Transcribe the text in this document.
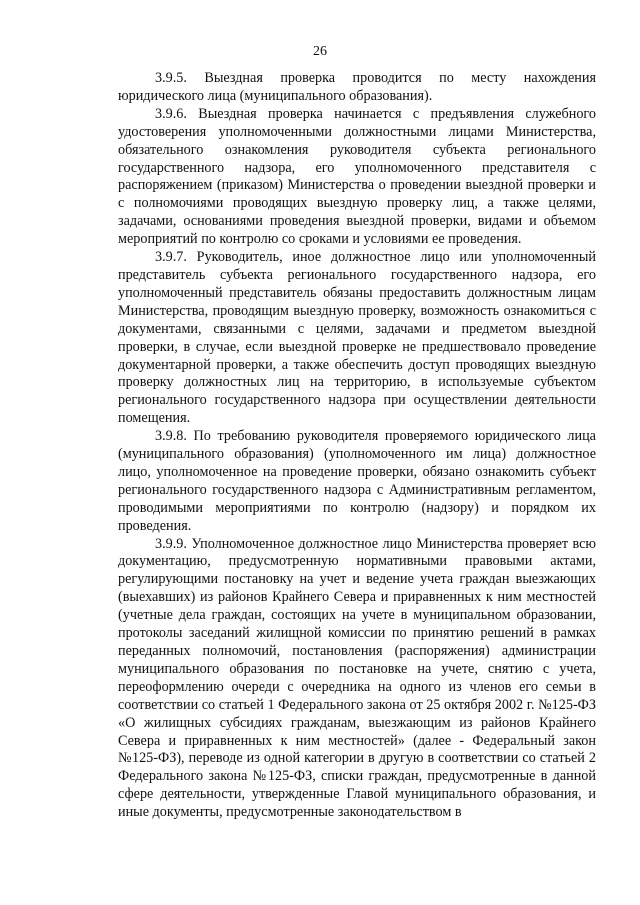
26

3.9.5. Выездная проверка проводится по месту нахождения юридического лица (муниципального образования).

3.9.6. Выездная проверка начинается с предъявления служебного удостоверения уполномоченными должностными лицами Министерства, обязательного ознакомления руководителя субъекта регионального государственного надзора, его уполномоченного представителя с распоряжением (приказом) Министерства о проведении выездной проверки и с полномочиями проводящих выездную проверку лиц, а также целями, задачами, основаниями проведения выездной проверки, видами и объемом мероприятий по контролю со сроками и условиями ее проведения.

3.9.7. Руководитель, иное должностное лицо или уполномоченный представитель субъекта регионального государственного надзора, его уполномоченный представитель обязаны предоставить должностным лицам Министерства, проводящим выездную проверку, возможность ознакомиться с документами, связанными с целями, задачами и предметом выездной проверки, в случае, если выездной проверке не предшествовало проведение документарной проверки, а также обеспечить доступ проводящих выездную проверку должностных лиц на территорию, в используемые субъектом регионального государственного надзора при осуществлении деятельности помещения.

3.9.8. По требованию руководителя проверяемого юридического лица (муниципального образования) (уполномоченного им лица) должностное лицо, уполномоченное на проведение проверки, обязано ознакомить субъект регионального государственного надзора с Административным регламентом, проводимыми мероприятиями по контролю (надзору) и порядком их проведения.

3.9.9. Уполномоченное должностное лицо Министерства проверяет всю документацию, предусмотренную нормативными правовыми актами, регулирующими постановку на учет и ведение учета граждан выезжающих (выехавших) из районов Крайнего Севера и приравненных к ним местностей (учетные дела граждан, состоящих на учете в муниципальном образовании, протоколы заседаний жилищной комиссии по принятию решений в рамках переданных полномочий, постановления (распоряжения) администрации муниципального образования по постановке на учете, снятию с учета, переоформлению очереди с очередника на одного из членов его семьи в соответствии со статьей 1 Федерального закона от 25 октября 2002 г. №125-ФЗ «О жилищных субсидиях гражданам, выезжающим из районов Крайнего Севера и приравненных к ним местностей» (далее - Федеральный закон №125-ФЗ), переводе из одной категории в другую в соответствии со статьей 2 Федерального закона №125-ФЗ, списки граждан, предусмотренные в данной сфере деятельности, утвержденные Главой муниципального образования, и иные документы, предусмотренные законодательством в
